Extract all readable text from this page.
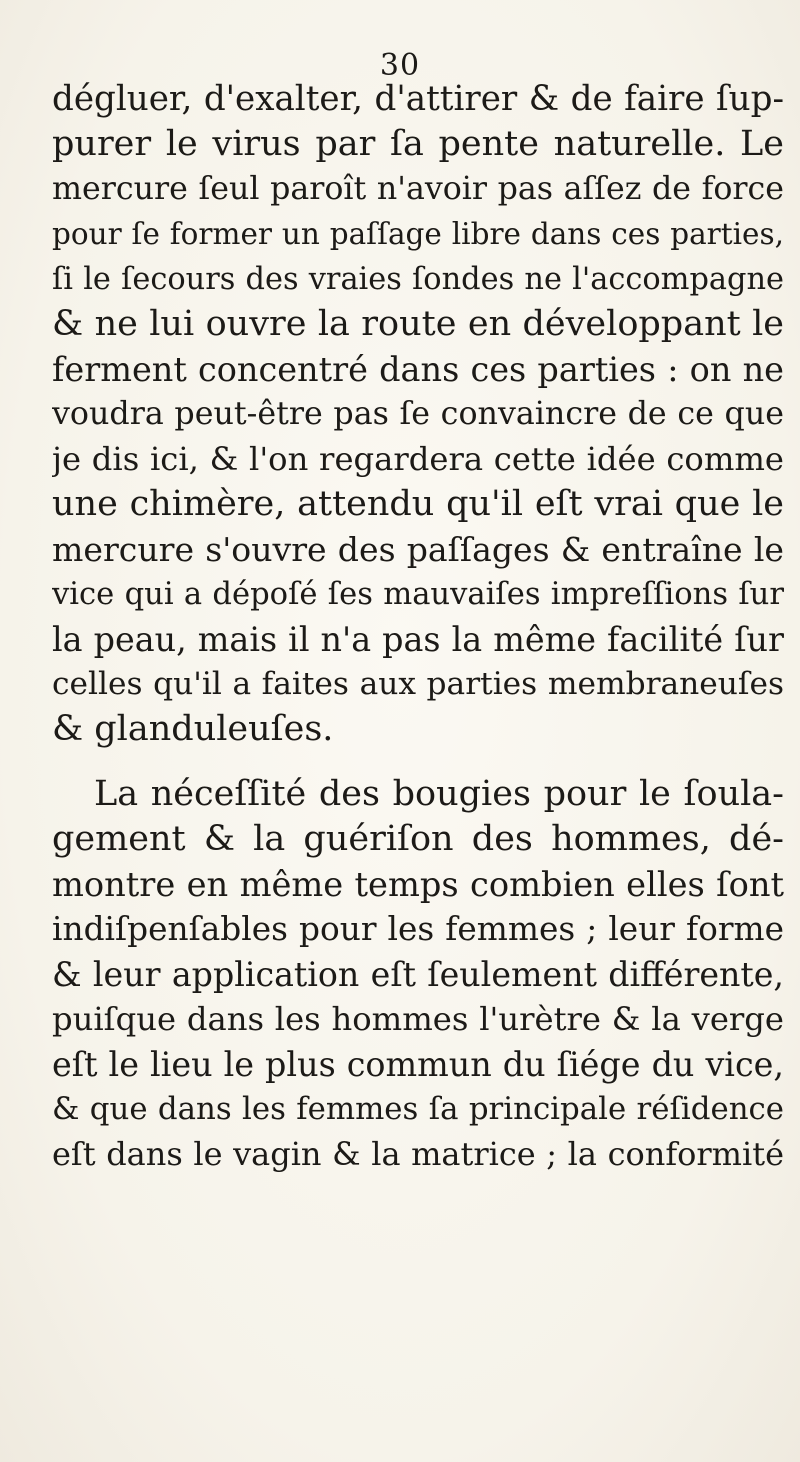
30
dégluer, d'exalter, d'attirer & de faire ſup-
purer le virus par ſa pente naturelle. Le
mercure ſeul paroît n'avoir pas aſſez de force
pour ſe former un paſſage libre dans ces parties,
ſi le ſecours des vraies ſondes ne l'accompagne
& ne lui ouvre la route en développant le
ferment concentré dans ces parties : on ne
voudra peut-être pas ſe convaincre de ce que
je dis ici, & l'on regardera cette idée comme
une chimère, attendu qu'il eſt vrai que le
mercure s'ouvre des paſſages & entraîne le
vice qui a dépoſé ſes mauvaiſes impreſſions ſur
la peau, mais il n'a pas la même facilité ſur
celles qu'il a faites aux parties membraneuſes
& glanduleuſes.
La néceſſité des bougies pour le ſoula-
gement & la guériſon des hommes, dé-
montre en même temps combien elles ſont
indiſpenſables pour les femmes ; leur forme
& leur application eſt ſeulement différente,
puiſque dans les hommes l'urètre & la verge
eſt le lieu le plus commun du ſiége du vice,
& que dans les femmes ſa principale réſidence
eſt dans le vagin & la matrice ; la conformité
